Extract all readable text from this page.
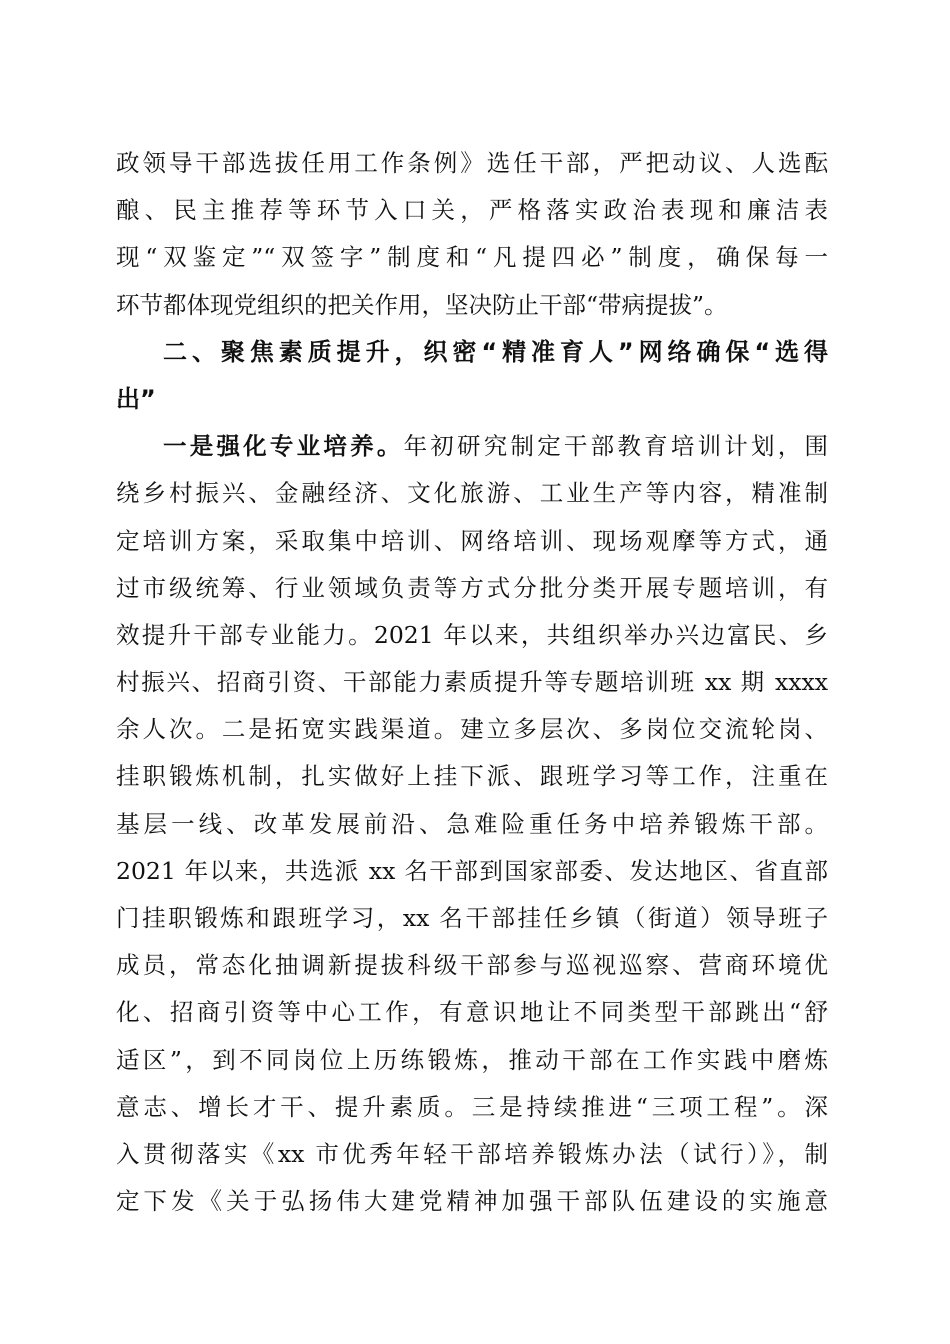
政领导干部选拔任用工作条例》选任干部，严把动议、人选酝
酿、民主推荐等环节入口关，严格落实政治表现和廉洁表
现“双鉴定”“双签字”制度和“凡提四必”制度，确保每一
环节都体现党组织的把关作用，坚决防止干部“带病提拔”。
二、聚焦素质提升，织密“精准育人”网络确保“选得
出”
一是强化专业培养。年初研究制定干部教育培训计划，围
绕乡村振兴、金融经济、文化旅游、工业生产等内容，精准制
定培训方案，采取集中培训、网络培训、现场观摩等方式，通
过市级统筹、行业领域负责等方式分批分类开展专题培训，有
效提升干部专业能力。2021 年以来，共组织举办兴边富民、乡
村振兴、招商引资、干部能力素质提升等专题培训班 xx 期 xxxx
余人次。二是拓宽实践渠道。建立多层次、多岗位交流轮岗、
挂职锻炼机制，扎实做好上挂下派、跟班学习等工作，注重在
基层一线、改革发展前沿、急难险重任务中培养锻炼干部。
2021 年以来，共选派 xx 名干部到国家部委、发达地区、省直部
门挂职锻炼和跟班学习，xx 名干部挂任乡镇（街道）领导班子
成员，常态化抽调新提拔科级干部参与巡视巡察、营商环境优
化、招商引资等中心工作，有意识地让不同类型干部跳出“舒
适区”，到不同岗位上历练锻炼，推动干部在工作实践中磨炼
意志、增长才干、提升素质。三是持续推进“三项工程”。深
入贯彻落实《xx 市优秀年轻干部培养锻炼办法（试行）》，制
定下发《关于弘扬伟大建党精神加强干部队伍建设的实施意
